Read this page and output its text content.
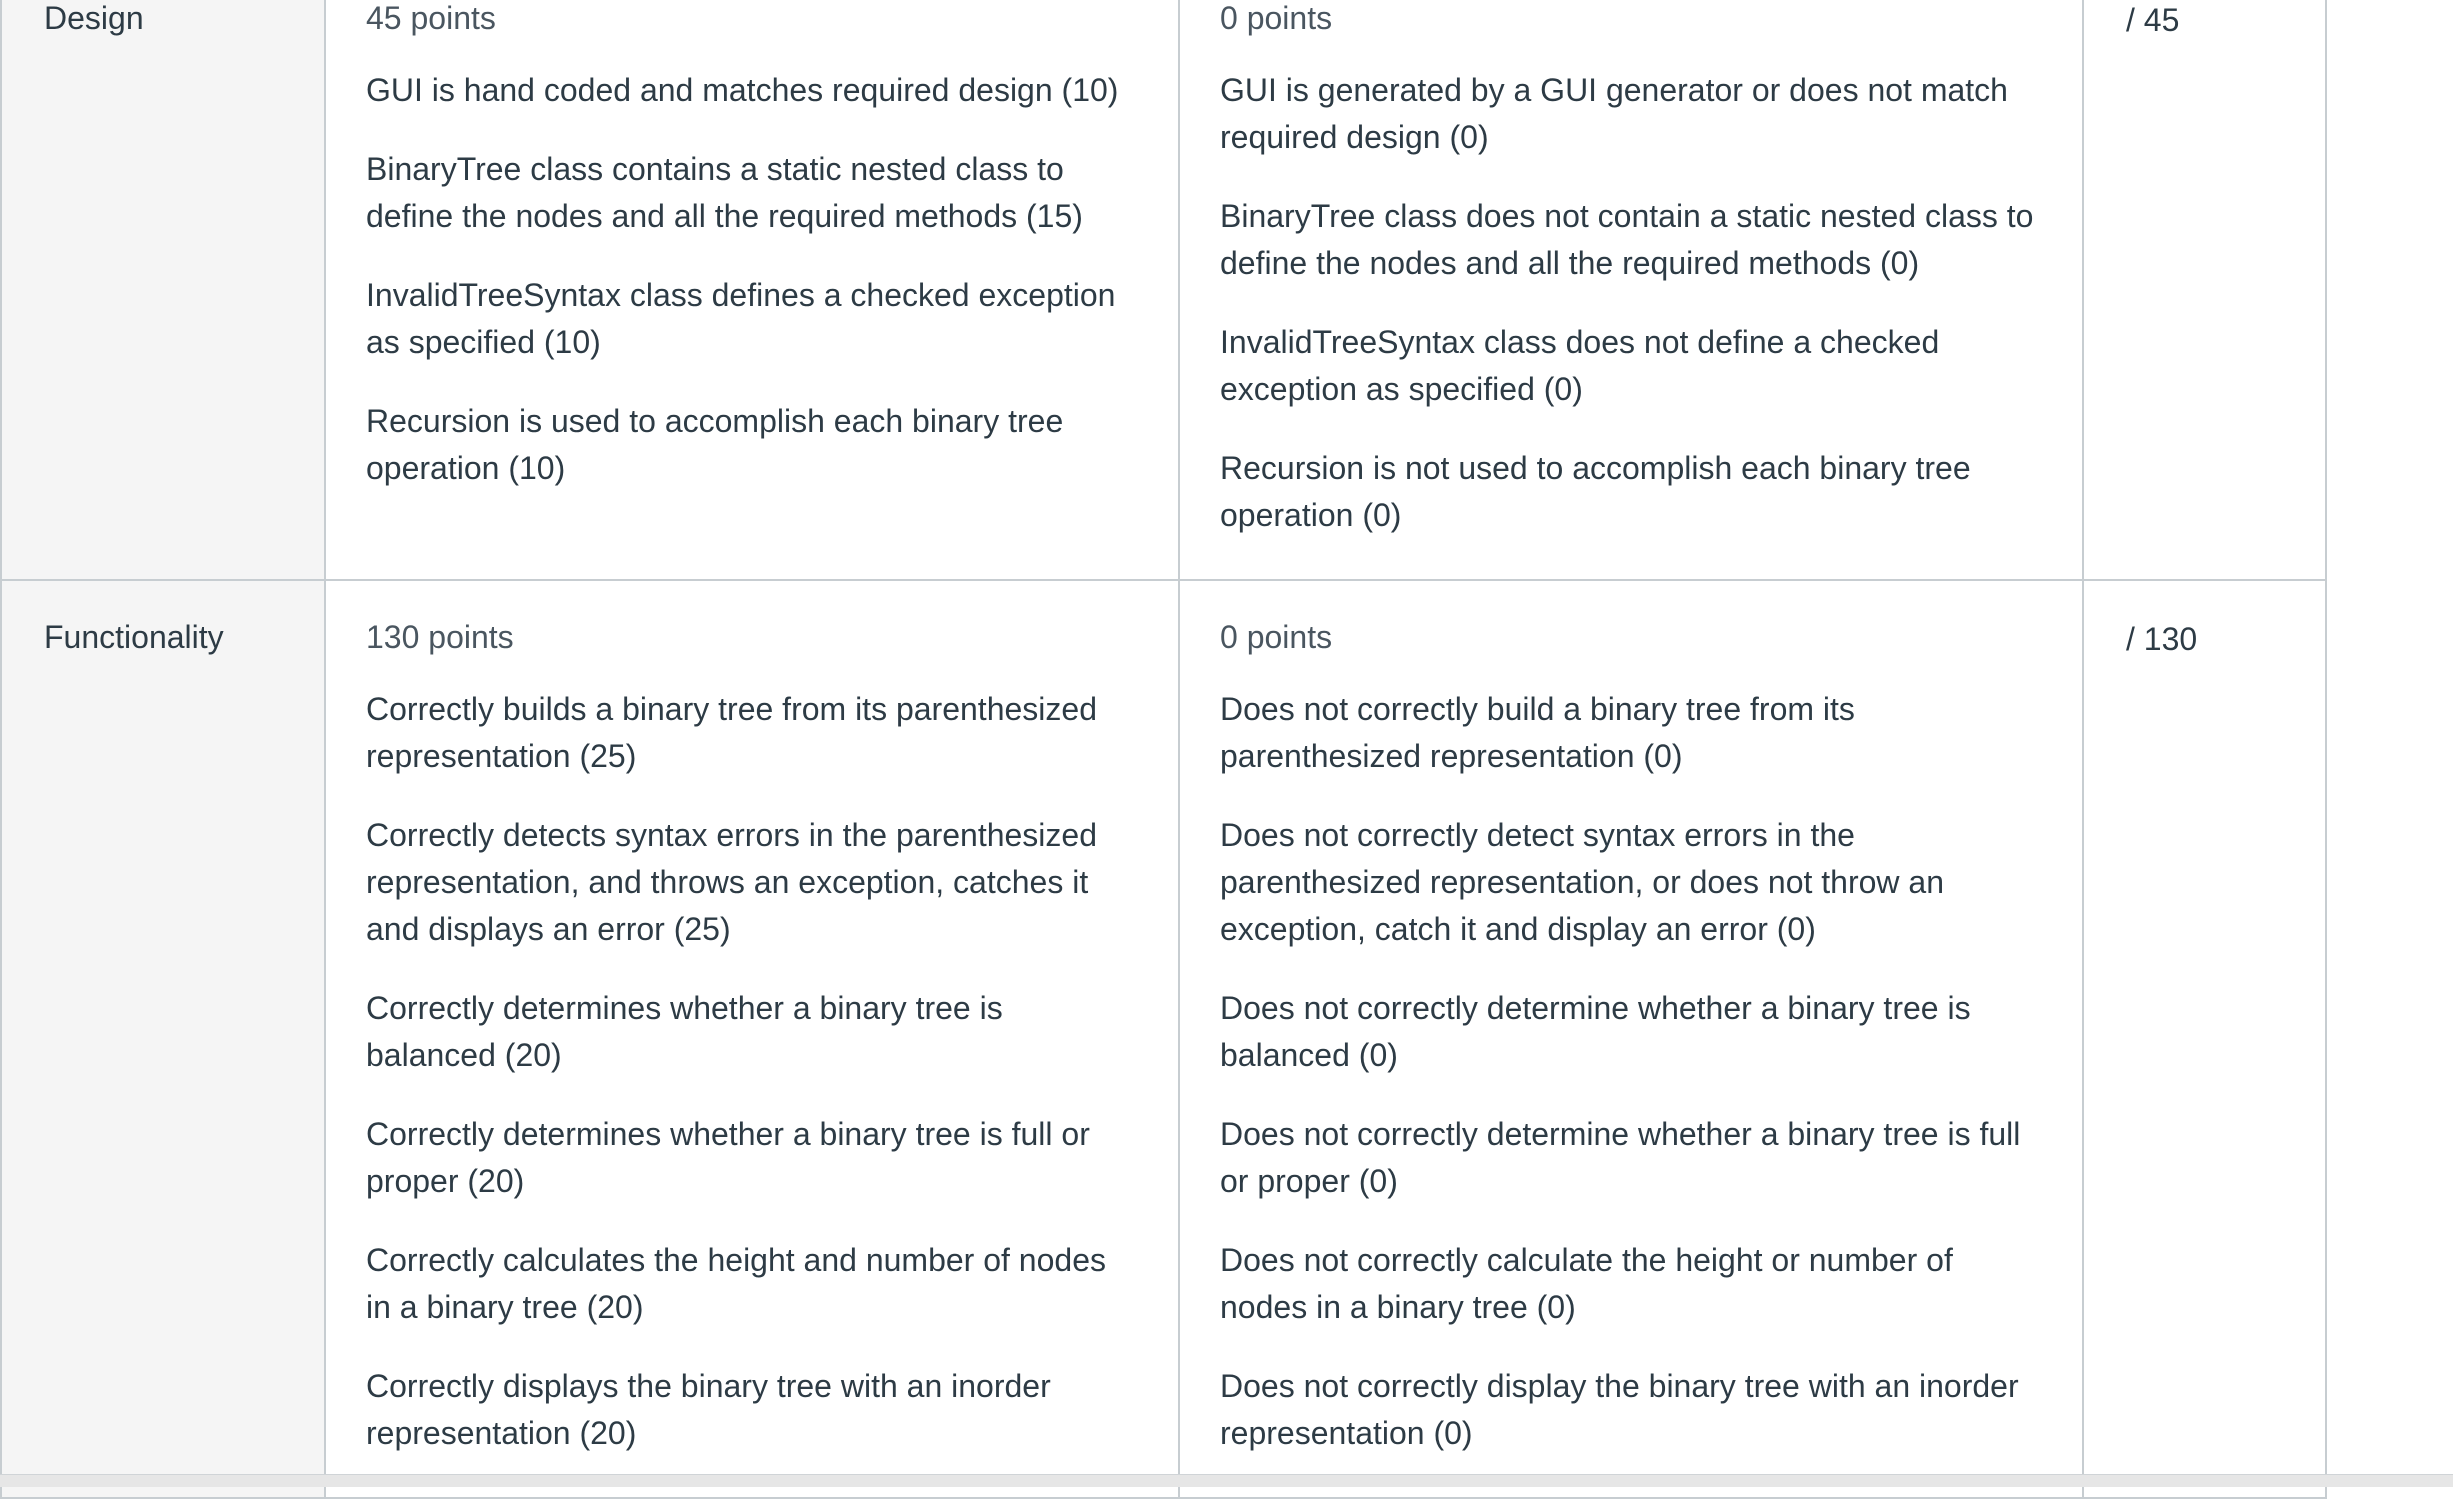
Design	45 points

GUI is hand coded and matches required design (10)

BinaryTree class contains a static nested class to define the nodes and all the required methods (15)

InvalidTreeSyntax class defines a checked exception as specified (10)

Recursion is used to accomplish each binary tree operation (10)

0 points

GUI is generated by a GUI generator or does not match required design (0)

BinaryTree class does not contain a static nested class to define the nodes and all the required methods (0)

InvalidTreeSyntax class does not define a checked exception as specified (0)

Recursion is not used to accomplish each binary tree operation (0)

/ 45
Functionality	130 points

Correctly builds a binary tree from its parenthesized representation (25)

Correctly detects syntax errors in the parenthesized representation, and throws an exception, catches it and displays an error (25)

Correctly determines whether a binary tree is balanced (20)

Correctly determines whether a binary tree is full or proper (20)

Correctly calculates the height and number of nodes in a binary tree (20)

Correctly displays the binary tree with an inorder representation (20)

0 points

Does not correctly build a binary tree from its parenthesized representation (0)

Does not correctly detect syntax errors in the parenthesized representation, or does not throw an exception, catch it and display an error (0)

Does not correctly determine whether a binary tree is balanced (0)

Does not correctly determine whether a binary tree is full or proper (0)

Does not correctly calculate the height or number of nodes in a binary tree (0)

Does not correctly display the binary tree with an inorder representation (0)

/ 130
